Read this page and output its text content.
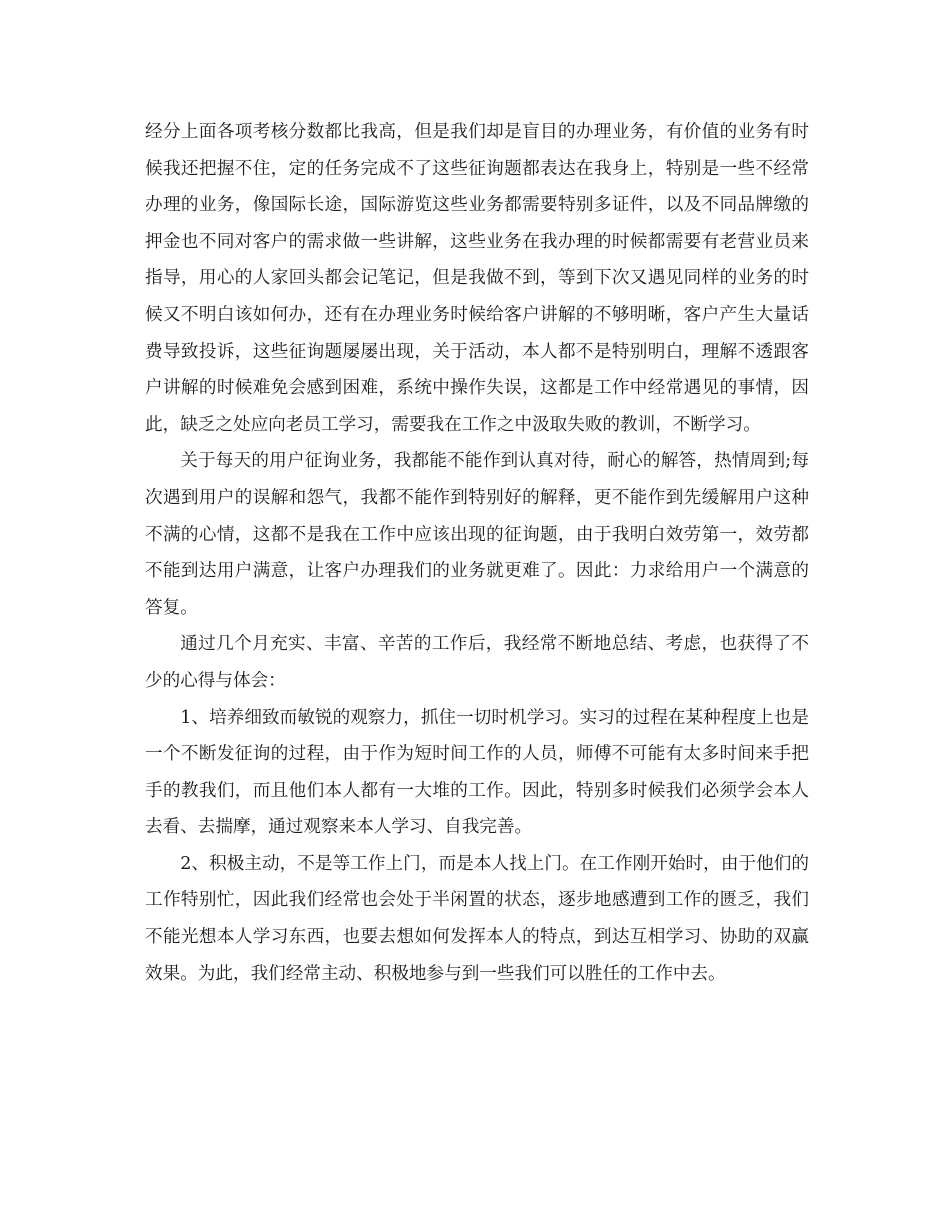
经分上面各项考核分数都比我高，但是我们却是盲目的办理业务，有价值的业务有时候我还把握不住，定的任务完成不了这些征询题都表达在我身上，特别是一些不经常办理的业务，像国际长途，国际游览这些业务都需要特别多证件，以及不同品牌缴的押金也不同对客户的需求做一些讲解，这些业务在我办理的时候都需要有老营业员来指导，用心的人家回头都会记笔记，但是我做不到，等到下次又遇见同样的业务的时候又不明白该如何办，还有在办理业务时候给客户讲解的不够明晰，客户产生大量话费导致投诉，这些征询题屡屡出现，关于活动，本人都不是特别明白，理解不透跟客户讲解的时候难免会感到困难，系统中操作失误，这都是工作中经常遇见的事情，因此，缺乏之处应向老员工学习，需要我在工作之中汲取失败的教训，不断学习。

关于每天的用户征询业务，我都能不能作到认真对待，耐心的解答，热情周到;每次遇到用户的误解和怨气，我都不能作到特别好的解释，更不能作到先缓解用户这种不满的心情，这都不是我在工作中应该出现的征询题，由于我明白效劳第一，效劳都不能到达用户满意，让客户办理我们的业务就更难了。因此：力求给用户一个满意的答复。

通过几个月充实、丰富、辛苦的工作后，我经常不断地总结、考虑，也获得了不少的心得与体会：

1、培养细致而敏锐的观察力，抓住一切时机学习。实习的过程在某种程度上也是一个不断发征询的过程，由于作为短时间工作的人员，师傅不可能有太多时间来手把手的教我们，而且他们本人都有一大堆的工作。因此，特别多时候我们必须学会本人去看、去揣摩，通过观察来本人学习、自我完善。

2、积极主动，不是等工作上门，而是本人找上门。在工作刚开始时，由于他们的工作特别忙，因此我们经常也会处于半闲置的状态，逐步地感遭到工作的匮乏，我们不能光想本人学习东西，也要去想如何发挥本人的特点，到达互相学习、协助的双赢效果。为此，我们经常主动、积极地参与到一些我们可以胜任的工作中去。
